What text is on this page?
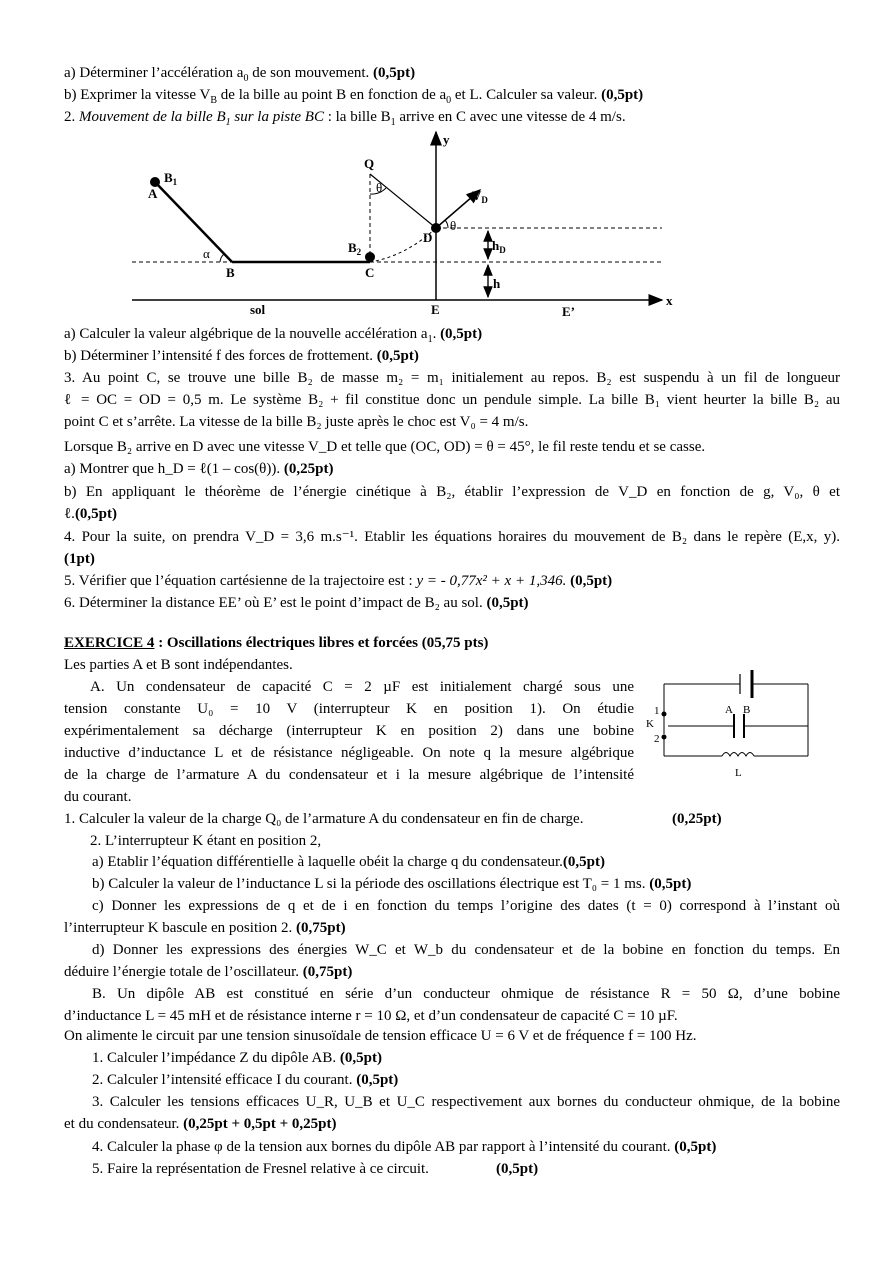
a) Déterminer l’accélération $a_0$ de son mouvement. (0,5pt)
b) Exprimer la vitesse $V_B$ de la bille au point B en fonction de $a_0$ et L. Calculer sa valeur. (0,5pt)
2. Mouvement de la bille $B_1$ sur la piste BC : la bille $B_1$ arrive en C avec une vitesse de 4 m/s.
y
Q
θ
$B_1$
A	$V_D$
θ
D
$h_D$
$B_2$
α
B	C
h
sol	E	E’
x
a) Calculer la valeur algébrique de la nouvelle accélération $a_1$. (0,5pt)
b) Déterminer l’intensité f des forces de frottement. (0,5pt)
3. Au point C, se trouve une bille B₂ de masse m₂ = m₁ initialement au repos. B₂ est suspendu à un fil de longueur
ℓ = OC = OD = 0,5 m. Le système B₂ + fil constitue donc un pendule simple. La bille B₁ vient heurter la bille B₂ au
point C et s’arrête. La vitesse de la bille B₂ juste après le choc est V₀ = 4 m/s.
Lorsque B₂ arrive en D avec une vitesse V_D et telle que (OC, OD) = θ = 45°, le fil reste tendu et se casse.
a) Montrer que h_D = ℓ(1 – cos(θ)). (0,25pt)
b) En appliquant le théorème de l’énergie cinétique à B₂, établir l’expression de V_D en fonction de g, V₀, θ et
ℓ.(0,5pt)
4. Pour la suite, on prendra V_D = 3,6 m.s⁻¹. Etablir les équations horaires du mouvement de B₂ dans le repère (E,x, y).
(1pt)
5. Vérifier que l’équation cartésienne de la trajectoire est : y = - 0,77x² + x + 1,346. (0,5pt)
6. Déterminer la distance EE’ où E’ est le point d’impact de B₂ au sol. (0,5pt)
EXERCICE 4 : Oscillations électriques libres et forcées (05,75 pts)
Les parties A et B sont indépendantes.
A. Un condensateur de capacité C = 2 µF est initialement chargé sous une
tension constante U₀ = 10 V (interrupteur K en position 1). On étudie
expérimentalement sa décharge (interrupteur K en position 2) dans une bobine
inductive d’inductance L et de résistance négligeable. On note q la mesure algébrique
de la charge de l’armature A du condensateur et i la mesure algébrique de l’intensité
du courant.
1
K
2
A B
L
1. Calculer la valeur de la charge Q₀ de l’armature A du condensateur en fin de charge.	(0,25pt)
2. L’interrupteur K étant en position 2,
a) Etablir l’équation différentielle à laquelle obéit la charge q du condensateur.(0,5pt)
b) Calculer la valeur de l’inductance L si la période des oscillations électrique est T₀ = 1 ms. (0,5pt)
c) Donner les expressions de q et de i en fonction du temps l’origine des dates (t = 0) correspond à l’instant où
l’interrupteur K bascule en position 2. (0,75pt)
d) Donner les expressions des énergies W_C et W_b du condensateur et de la bobine en fonction du temps. En
déduire l’énergie totale de l’oscillateur. (0,75pt)
B. Un dipôle AB est constitué en série d’un conducteur ohmique de résistance R = 50 Ω, d’une bobine
d’inductance L = 45 mH et de résistance interne r = 10 Ω, et d’un condensateur de capacité C = 10 µF.
On alimente le circuit par une tension sinusoïdale de tension efficace U = 6 V et de fréquence f = 100 Hz.
1. Calculer l’impédance Z du dipôle AB. (0,5pt)
2. Calculer l’intensité efficace I du courant. (0,5pt)
3. Calculer les tensions efficaces U_R, U_B et U_C respectivement aux bornes du conducteur ohmique, de la bobine
et du condensateur. (0,25pt + 0,5pt + 0,25pt)
4. Calculer la phase φ de la tension aux bornes du dipôle AB par rapport à l’intensité du courant. (0,5pt)
5. Faire la représentation de Fresnel relative à ce circuit.	(0,5pt)
